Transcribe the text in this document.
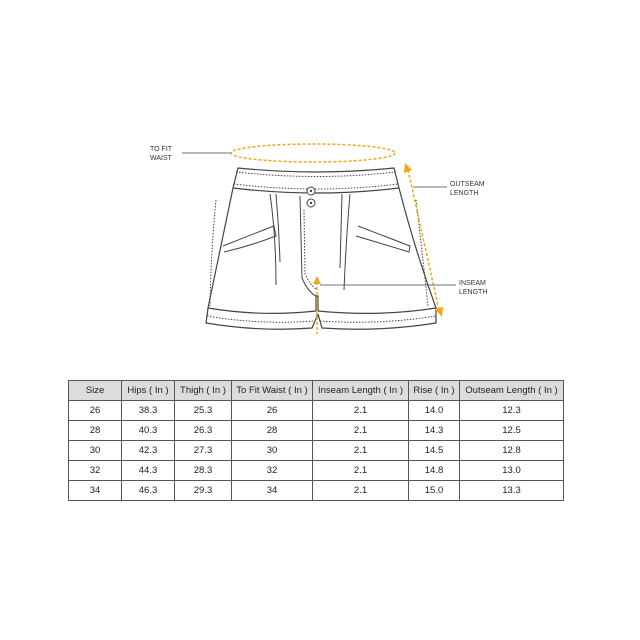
TO FIT
WAIST
OUTSEAM
LENGTH
INSEAM
LENGTH
Size	Hips ( In )	Thigh ( In )	To Fit Waist ( In )	Inseam Length ( In )	Rise ( In )	Outseam Length ( In )
26	38.3	25.3	26	2.1	14.0	12.3
28	40.3	26.3	28	2.1	14.3	12.5
30	42.3	27.3	30	2.1	14.5	12.8
32	44.3	28.3	32	2.1	14.8	13.0
34	46.3	29.3	34	2.1	15.0	13.3
